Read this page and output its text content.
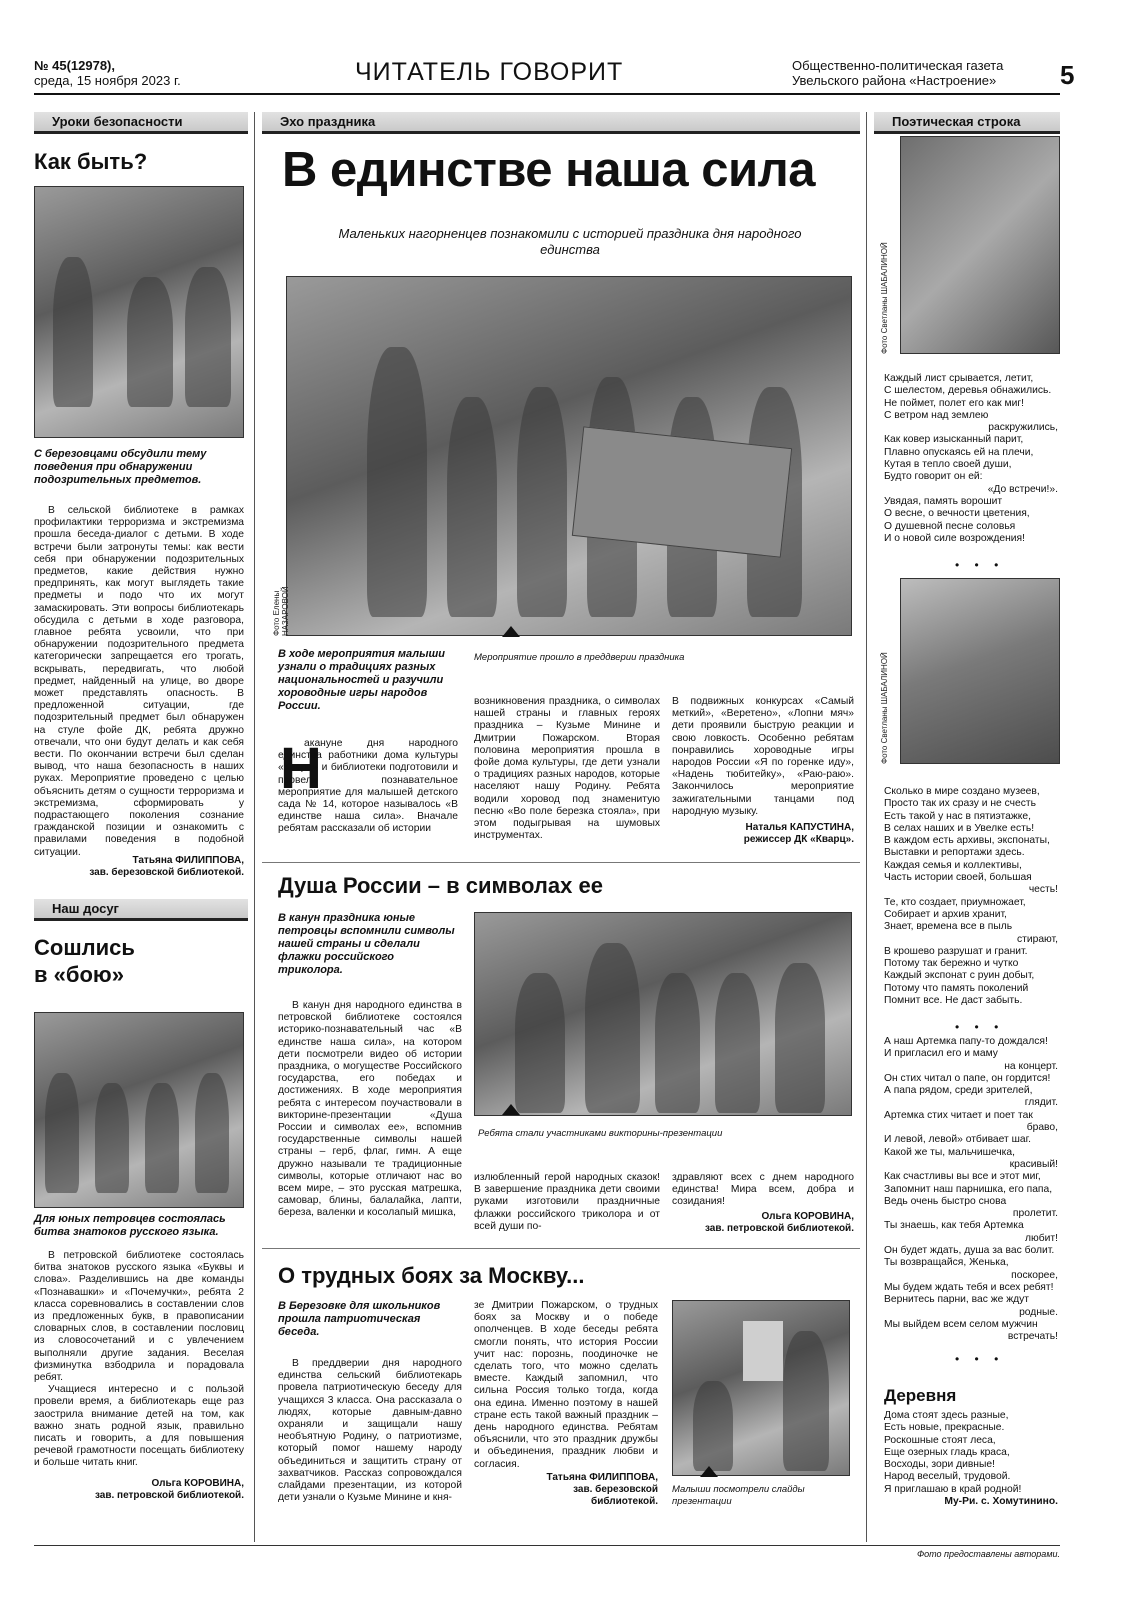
№ 45(12978),
среда, 15 ноября 2023 г.	ЧИТАТЕЛЬ ГОВОРИТ	Общественно-политическая газета
Увельского района «Настроение» 5
Уроки безопасности
Как быть?
С березовцами обсудили тему поведения при обнаружении подозрительных предметов.

В сельской библиотеке в рамках профилактики терроризма и экстремизма прошла беседа-диалог с детьми. В ходе встречи были затронуты темы: как вести себя при обнаружении подозрительных предметов, какие действия нужно предпринять, как могут выглядеть такие предметы и подо что их могут замаскировать. Эти вопросы библиотекарь обсудила с детьми в ходе разговора, главное ребята усвоили, что при обнаружении подозрительного предмета категорически запрещается его трогать, вскрывать, передвигать, что любой предмет, найденный на улице, во дворе может представлять опасность. В предложенной ситуации, где подозрительный предмет был обнаружен на стуле фойе ДК, ребята дружно отвечали, что они будут делать и как себя вести. По окончании встречи был сделан вывод, что наша безопасность в наших руках. Мероприятие проведено с целью объяснить детям о сущности терроризма и экстремизма, сформировать у подрастающего поколения сознание гражданской позиции и ознакомить с правилами поведения в подобной ситуации.

Татьяна ФИЛИППОВА,
зав. березовской библиотекой.
Наш досуг
Сошлись
в «бою»
Для юных петровцев состоялась битва знатоков русского языка.

В петровской библиотеке состоялась битва знатоков русского языка «Буквы и слова». Разделившись на две команды «Познавашки» и «Почемучки», ребята 2 класса соревновались в составлении слов из предложенных букв, в правописании словарных слов, в составлении пословиц из словосочетаний и с увлечением выполняли другие задания. Веселая физминутка взбодрила и порадовала ребят.

Учащиеся интересно и с пользой провели время, а библиотекарь еще раз заострила внимание детей на том, как важно знать родной язык, правильно писать и говорить, а для повышения речевой грамотности посещать библиотеку и больше читать книг.

Ольга КОРОВИНА,
зав. петровской библиотекой.
Эхо праздника
В единстве наша сила
Маленьких нагорненцев познакомили с историей праздника дня народного единства
Фото Елены НАЗАРОВОЙ
Мероприятие прошло в преддверии праздника
В ходе мероприятия малыши узнали о традициях разных национальностей и разучили хороводные игры народов России.
Н
акануне дня народного единства работники дома культуры «Кварц» и библиотеки подготовили и провели познавательное мероприятие для малышей детского сада № 14, которое называлось «В единстве наша сила». Вначале ребятам рассказали об истории
возникновения праздника, о символах нашей страны и главных героях праздника – Кузьме Минине и Дмитрии Пожарском. Вторая половина мероприятия прошла в фойе дома культуры, где дети узнали о традициях разных народов, которые населяют нашу Родину. Ребята водили хоровод под знаменитую песню «Во поле березка стояла», при этом подыгрывая на шумовых инструментах.
В подвижных конкурсах «Самый меткий», «Веретено», «Лопни мяч» дети проявили быструю реакции и свою ловкость. Особенно ребятам понравились хороводные игры народов России «Я по горенке иду», «Надень тюбитейку», «Раю-раю». Закончилось мероприятие зажигательными танцами под народную музыку.
Наталья КАПУСТИНА,
режиссер ДК «Кварц».
Душа России – в символах ее
В канун праздника юные петровцы вспомнили символы нашей страны и сделали флажки российского триколора.

В канун дня народного единства в петровской библиотеке состоялся историко-познавательный час «В единстве наша сила», на котором дети посмотрели видео об истории праздника, о могуществе Российского государства, его победах и достижениях. В ходе мероприятия ребята с интересом поучаствовали в викторине-презентации «Душа России и символах ее», вспомнив государственные символы нашей страны – герб, флаг, гимн. А еще дружно называли те традиционные символы, которые отличают нас во всем мире, – это русская матрешка, самовар, блины, балалайка, лапти, береза, валенки и косолапый мишка,

Ребята стали участниками викторины-презентации
излюбленный герой народных сказок! В завершение праздника дети своими руками изготовили праздничные флажки российского триколора и от всей души по-
здравляют всех с днем народного единства! Мира всем, добра и созидания!
Ольга КОРОВИНА,
зав. петровской библиотекой.
О трудных боях за Москву...
В Березовке для школьников прошла патриотическая беседа.

В преддверии дня народного единства сельский библиотекарь провела патриотическую беседу для учащихся 3 класса. Она рассказала о людях, которые давным-давно охраняли и защищали нашу необъятную Родину, о патриотизме, который помог нашему народу объединиться и защитить страну от захватчиков. Рассказ сопровождался слайдами презентации, из которой дети узнали о Кузьме Минине и кня-

зе Дмитрии Пожарском, о трудных боях за Москву и о победе ополченцев. В ходе беседы ребята смогли понять, что история России учит нас: порознь, поодиночке не сделать того, что можно сделать вместе. Каждый запомнил, что сильна Россия только тогда, когда она едина. Именно поэтому в нашей стране есть такой важный праздник – день народного единства. Ребятам объяснили, что это праздник дружбы и объединения, праздник любви и согласия.
Татьяна ФИЛИППОВА,
зав. березовской
библиотекой.
Малыши посмотрели слайды презентации
Поэтическая строка
Фото Светланы ШАБАЛИНОЙ
Каждый лист срывается, летит,
С шелестом, деревья обнажились.
Не поймет, полет его как миг!
С ветром над землею
раскружились,
Как ковер изысканный парит,
Плавно опускаясь ей на плечи,
Кутая в тепло своей души,
Будто говорит он ей:
«До встречи!».
Увядая, память ворошит
О весне, о вечности цветения,
О душевной песне соловья
И о новой силе возрождения!
• • •
Фото Светланы ШАБАЛИНОЙ
Сколько в мире создано музеев,
Просто так их сразу и не счесть
Есть такой у нас в пятиэтажке,
В селах наших и в Увелке есть!
В каждом есть архивы, экспонаты,
Выставки и репортажи здесь.
Каждая семья и коллективы,
Часть истории своей, большая
честь!
Те, кто создает, приумножает,
Собирает и архив хранит,
Знает, времена все в пыль
стирают,
В крошево разрушат и гранит.
Потому так бережно и чутко
Каждый экспонат с руин добыт,
Потому что память поколений
Помнит все. Не даст забыть.
• • •
А наш Артемка папу-то дождался!
И пригласил его и маму
на концерт.
Он стих читал о папе, он гордится!
А папа рядом, среди зрителей,
глядит.
Артемка стих читает и поет так
браво,
И левой, левой» отбивает шаг.
Какой же ты, мальчишечка,
красивый!
Как счастливы вы все и этот миг,
Запомнит наш парнишка, его папа,
Ведь очень быстро снова
пролетит.
Ты знаешь, как тебя Артемка
любит!
Он будет ждать, душа за вас болит.
Ты возвращайся, Женька,
поскорее,
Мы будем ждать тебя и всех ребят!
Вернитесь парни, вас же ждут
родные.
Мы выйдем всем селом мужчин
встречать!
• • •
Деревня
Дома стоят здесь разные,
Есть новые, прекрасные.
Роскошные стоят леса,
Еще озерных гладь краса,
Восходы, зори дивные!
Народ веселый, трудовой.
Я приглашаю в край родной!
Му-Ри. с. Хомутинино.
Фото предоставлены авторами.
